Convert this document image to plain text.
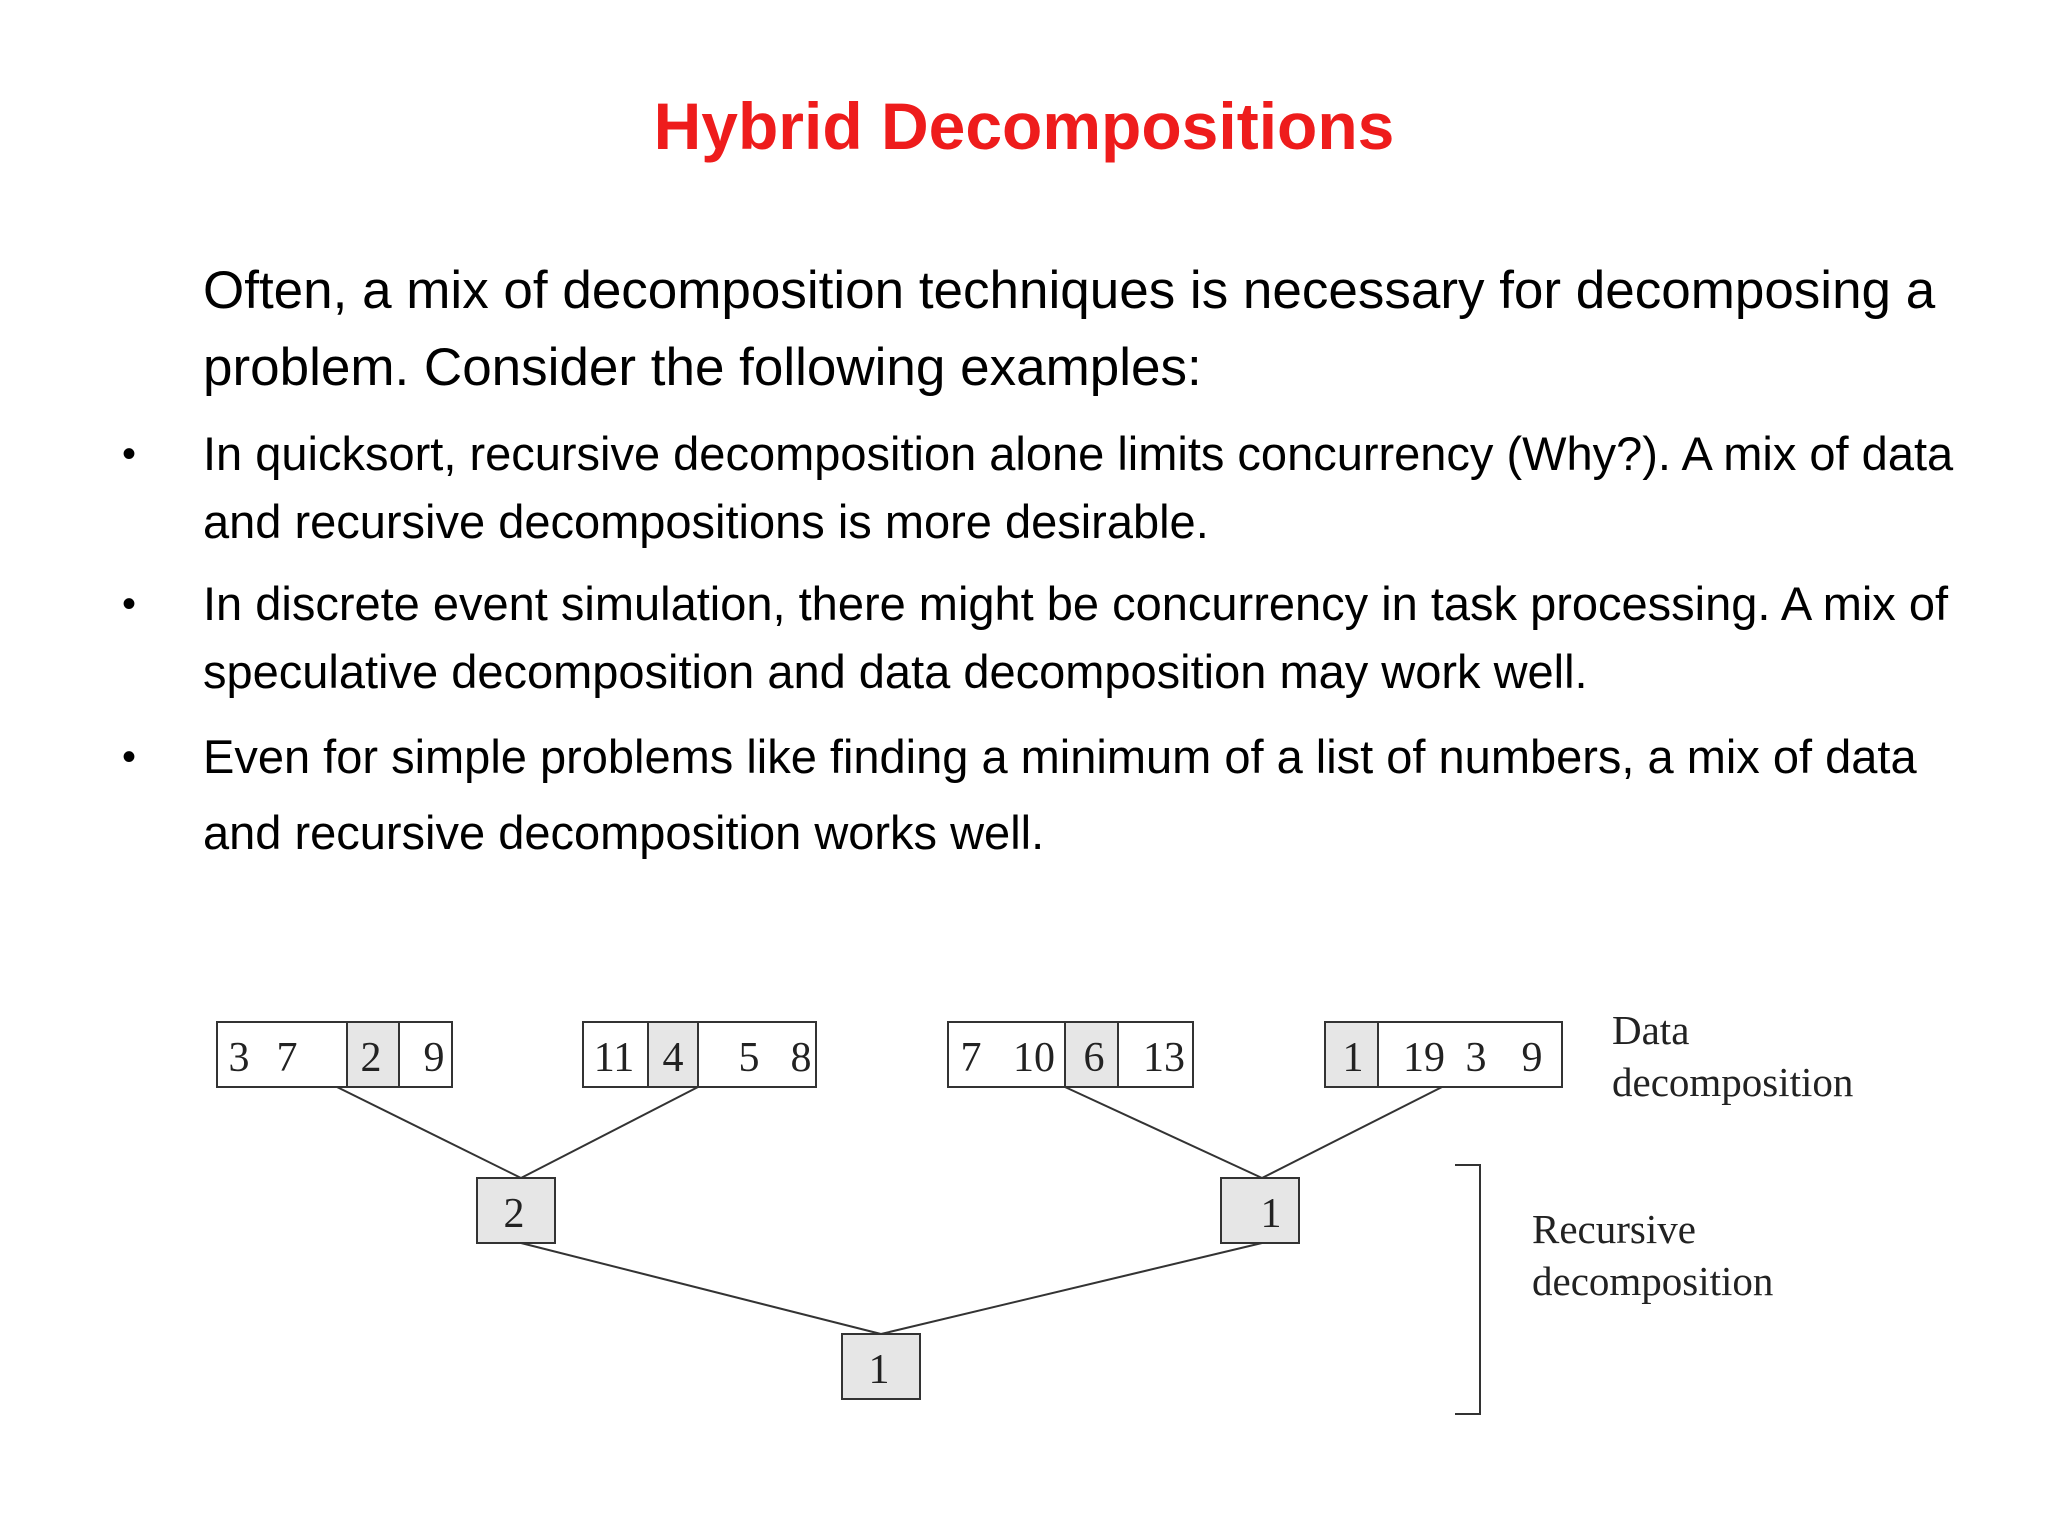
Hybrid Decompositions
Often, a mix of decomposition techniques is necessary for decomposing a problem. Consider the following examples:
• In quicksort, recursive decomposition alone limits concurrency (Why?). A mix of data and recursive decompositions is more desirable.
• In discrete event simulation, there might be concurrency in task processing. A mix of speculative decomposition and data decomposition may work well.
• Even for simple problems like finding a minimum of a list of numbers, a mix of data and recursive decomposition works well.
3 7 2 9	11 4 5 8	7 10 6 13	1 19 3 9
2	1
1
Data
decomposition
Recursive
decomposition
